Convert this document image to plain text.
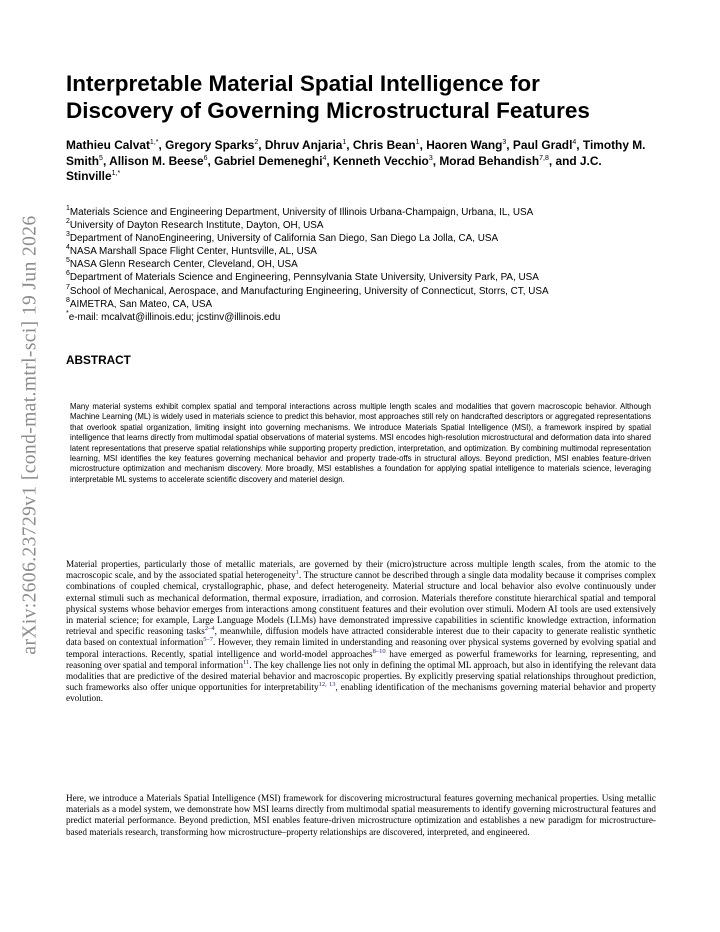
arXiv:2606.23729v1 [cond-mat.mtrl-sci] 19 Jun 2026
Interpretable Material Spatial Intelligence for
Discovery of Governing Microstructural Features
Mathieu Calvat$^{1,*}$, Gregory Sparks$^2$, Dhruv Anjaria$^1$, Chris Bean$^1$, Haoren Wang$^3$, Paul Gradl$^4$, Timothy M. Smith$^5$, Allison M. Beese$^6$, Gabriel Demeneghi$^4$, Kenneth Vecchio$^3$, Morad Behandish$^{7,8}$, and J.C. Stinville$^{1,*}$
$^1$Materials Science and Engineering Department, University of Illinois Urbana-Champaign, Urbana, IL, USA
$^2$University of Dayton Research Institute, Dayton, OH, USA
$^3$Department of NanoEngineering, University of California San Diego, San Diego La Jolla, CA, USA
$^4$NASA Marshall Space Flight Center, Huntsville, AL, USA
$^5$NASA Glenn Research Center, Cleveland, OH, USA
$^6$Department of Materials Science and Engineering, Pennsylvania State University, University Park, PA, USA
$^7$School of Mechanical, Aerospace, and Manufacturing Engineering, University of Connecticut, Storrs, CT, USA
$^8$AIMETRA, San Mateo, CA, USA
*e-mail: mcalvat@illinois.edu; jcstinv@illinois.edu
ABSTRACT

Many material systems exhibit complex spatial and temporal interactions across multiple length scales and modalities that govern macroscopic behavior. Although Machine Learning (ML) is widely used in materials science to predict this behavior, most approaches still rely on handcrafted descriptors or aggregated representations that overlook spatial organization, limiting insight into governing mechanisms. We introduce Materials Spatial Intelligence (MSI), a framework inspired by spatial intelligence that learns directly from multimodal spatial observations of material systems. MSI encodes high-resolution microstructural and deformation data into shared latent representations that preserve spatial relationships while supporting property prediction, interpretation, and optimization. By combining multimodal representation learning, MSI identifies the key features governing mechanical behavior and property trade-offs in structural alloys. Beyond prediction, MSI enables feature-driven microstructure optimization and mechanism discovery. More broadly, MSI establishes a foundation for applying spatial intelligence to materials science, leveraging interpretable ML systems to accelerate scientific discovery and materiel design.

Material properties, particularly those of metallic materials, are governed by their (micro)structure across multiple length scales, from the atomic to the macroscopic scale, and by the associated spatial heterogeneity$^1$. The structure cannot be described through a single data modality because it comprises complex combinations of coupled chemical, crystallographic, phase, and defect heterogeneity. Material structure and local behavior also evolve continuously under external stimuli such as mechanical deformation, thermal exposure, irradiation, and corrosion. Materials therefore constitute hierarchical spatial and temporal physical systems whose behavior emerges from interactions among constituent features and their evolution over stimuli. Modern AI tools are used extensively in material science; for example, Large Language Models (LLMs) have demonstrated impressive capabilities in scientific knowledge extraction, information retrieval and specific reasoning tasks$^{2-4}$, meanwhile, diffusion models have attracted considerable interest due to their capacity to generate realistic synthetic data based on contextual information$^{5-7}$. However, they remain limited in understanding and reasoning over physical systems governed by evolving spatial and temporal interactions. Recently, spatial intelligence and world-model approaches$^{8-10}$ have emerged as powerful frameworks for learning, representing, and reasoning over spatial and temporal information$^{11}$. The key challenge lies not only in defining the optimal ML approach, but also in identifying the relevant data modalities that are predictive of the desired material behavior and macroscopic properties. By explicitly preserving spatial relationships throughout prediction, such frameworks also offer unique opportunities for interpretability$^{12, 13}$, enabling identification of the mechanisms governing material behavior and property evolution.

Here, we introduce a Materials Spatial Intelligence (MSI) framework for discovering microstructural features governing mechanical properties. Using metallic materials as a model system, we demonstrate how MSI learns directly from multimodal spatial measurements to identify governing microstructural features and predict material performance. Beyond prediction, MSI enables feature-driven microstructure optimization and establishes a new paradigm for microstructure-based materials research, transforming how microstructure–property relationships are discovered, interpreted, and engineered.
